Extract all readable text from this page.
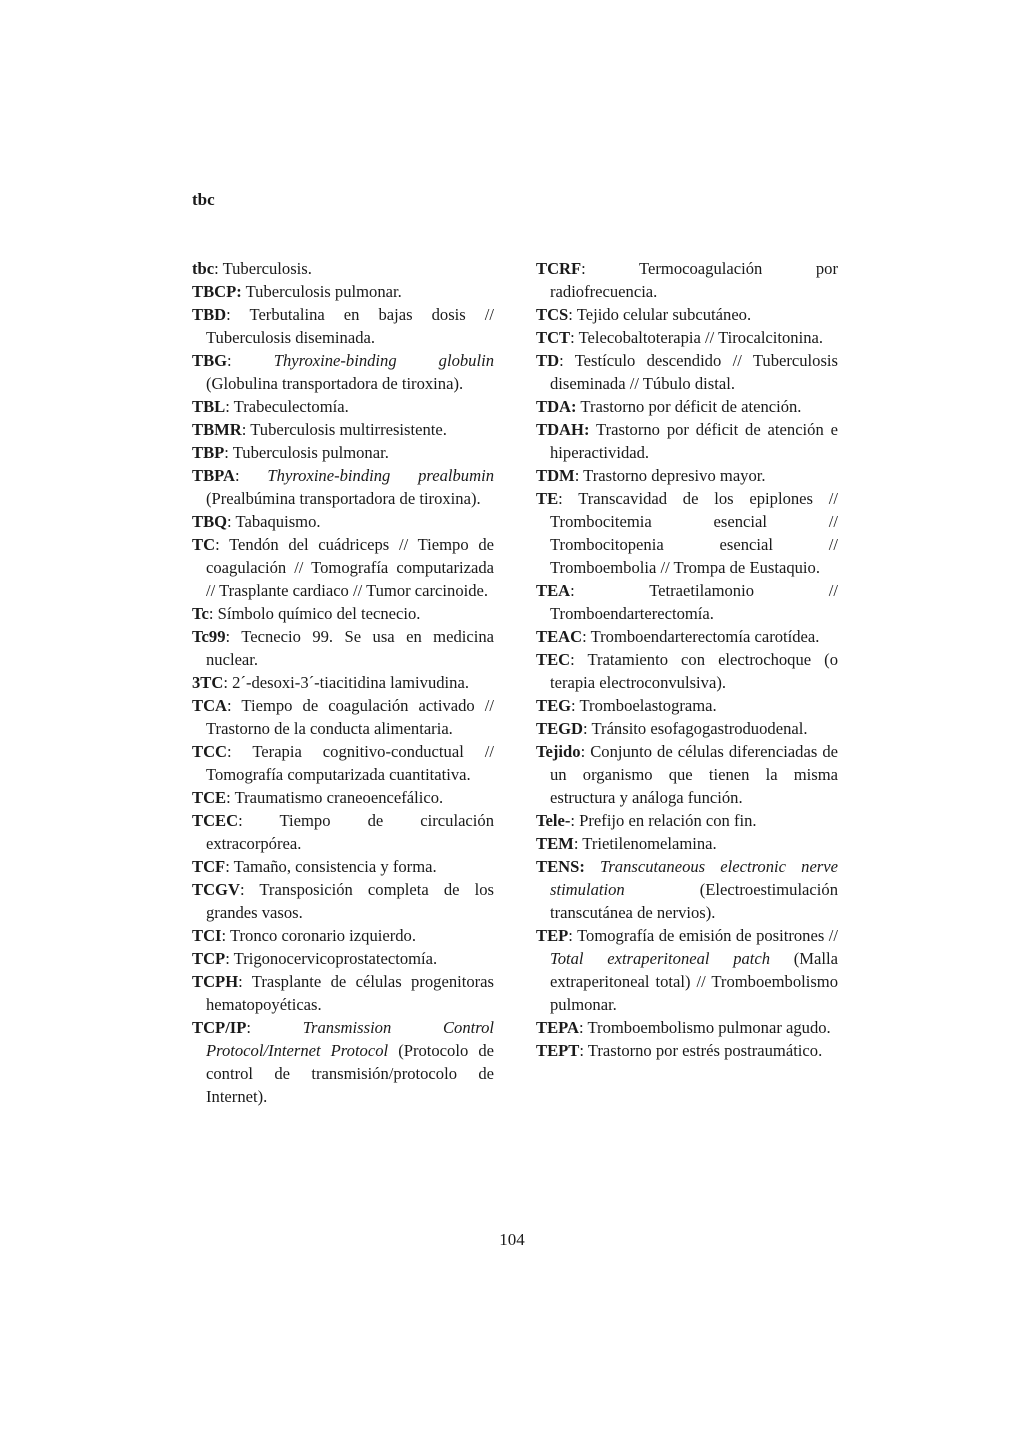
tbc

tbc: Tuberculosis.

TBCP: Tuberculosis pulmonar.

TBD: Terbutalina en bajas dosis // Tuberculosis diseminada.

TBG: Thyroxine-binding globulin (Globulina transportadora de tiroxina).

TBL: Trabeculectomía.

TBMR: Tuberculosis multirresistente.

TBP: Tuberculosis pulmonar.

TBPA: Thyroxine-binding prealbumin (Prealbúmina transportadora de tiroxina).

TBQ: Tabaquismo.

TC: Tendón del cuádriceps // Tiempo de coagulación // Tomografía computarizada // Trasplante cardiaco // Tumor carcinoide.

Tc: Símbolo químico del tecnecio.

Tc99: Tecnecio 99. Se usa en medicina nuclear.

3TC: 2´-desoxi-3´-tiacitidina lamivudina.

TCA: Tiempo de coagulación activado // Trastorno de la conducta alimentaria.

TCC: Terapia cognitivo-conductual // Tomografía computarizada cuantitativa.

TCE: Traumatismo craneoencefálico.

TCEC: Tiempo de circulación extracorpórea.

TCF: Tamaño, consistencia y forma.

TCGV: Transposición completa de los grandes vasos.

TCI: Tronco coronario izquierdo.

TCP: Trigonocervicoprostatectomía.

TCPH: Trasplante de células progenitoras hematopoyéticas.

TCP/IP: Transmission Control Protocol/Internet Protocol (Protocolo de control de transmisión/protocolo de Internet).

TCRF: Termocoagulación por radiofrecuencia.

TCS: Tejido celular subcutáneo.

TCT: Telecobaltoterapia // Tirocalcitonina.

TD: Testículo descendido // Tuberculosis diseminada // Túbulo distal.

TDA: Trastorno por déficit de atención.

TDAH: Trastorno por déficit de atención e hiperactividad.

TDM: Trastorno depresivo mayor.

TE: Transcavidad de los epiplones // Trombocitemia esencial // Trombocitopenia esencial // Tromboembolia // Trompa de Eustaquio.

TEA: Tetraetilamonio // Tromboendarterectomía.

TEAC: Tromboendarterectomía carotídea.

TEC: Tratamiento con electrochoque (o terapia electroconvulsiva).

TEG: Tromboelastograma.

TEGD: Tránsito esofagogastroduodenal.

Tejido: Conjunto de células diferenciadas de un organismo que tienen la misma estructura y análoga función.

Tele-: Prefijo en relación con fin.

TEM: Trietilenomelamina.

TENS: Transcutaneous electronic nerve stimulation (Electroestimulación transcutánea de nervios).

TEP: Tomografía de emisión de positrones // Total extraperitoneal patch (Malla extraperitoneal total) // Tromboembolismo pulmonar.

TEPA: Tromboembolismo pulmonar agudo.

TEPT: Trastorno por estrés postraumático.

104
